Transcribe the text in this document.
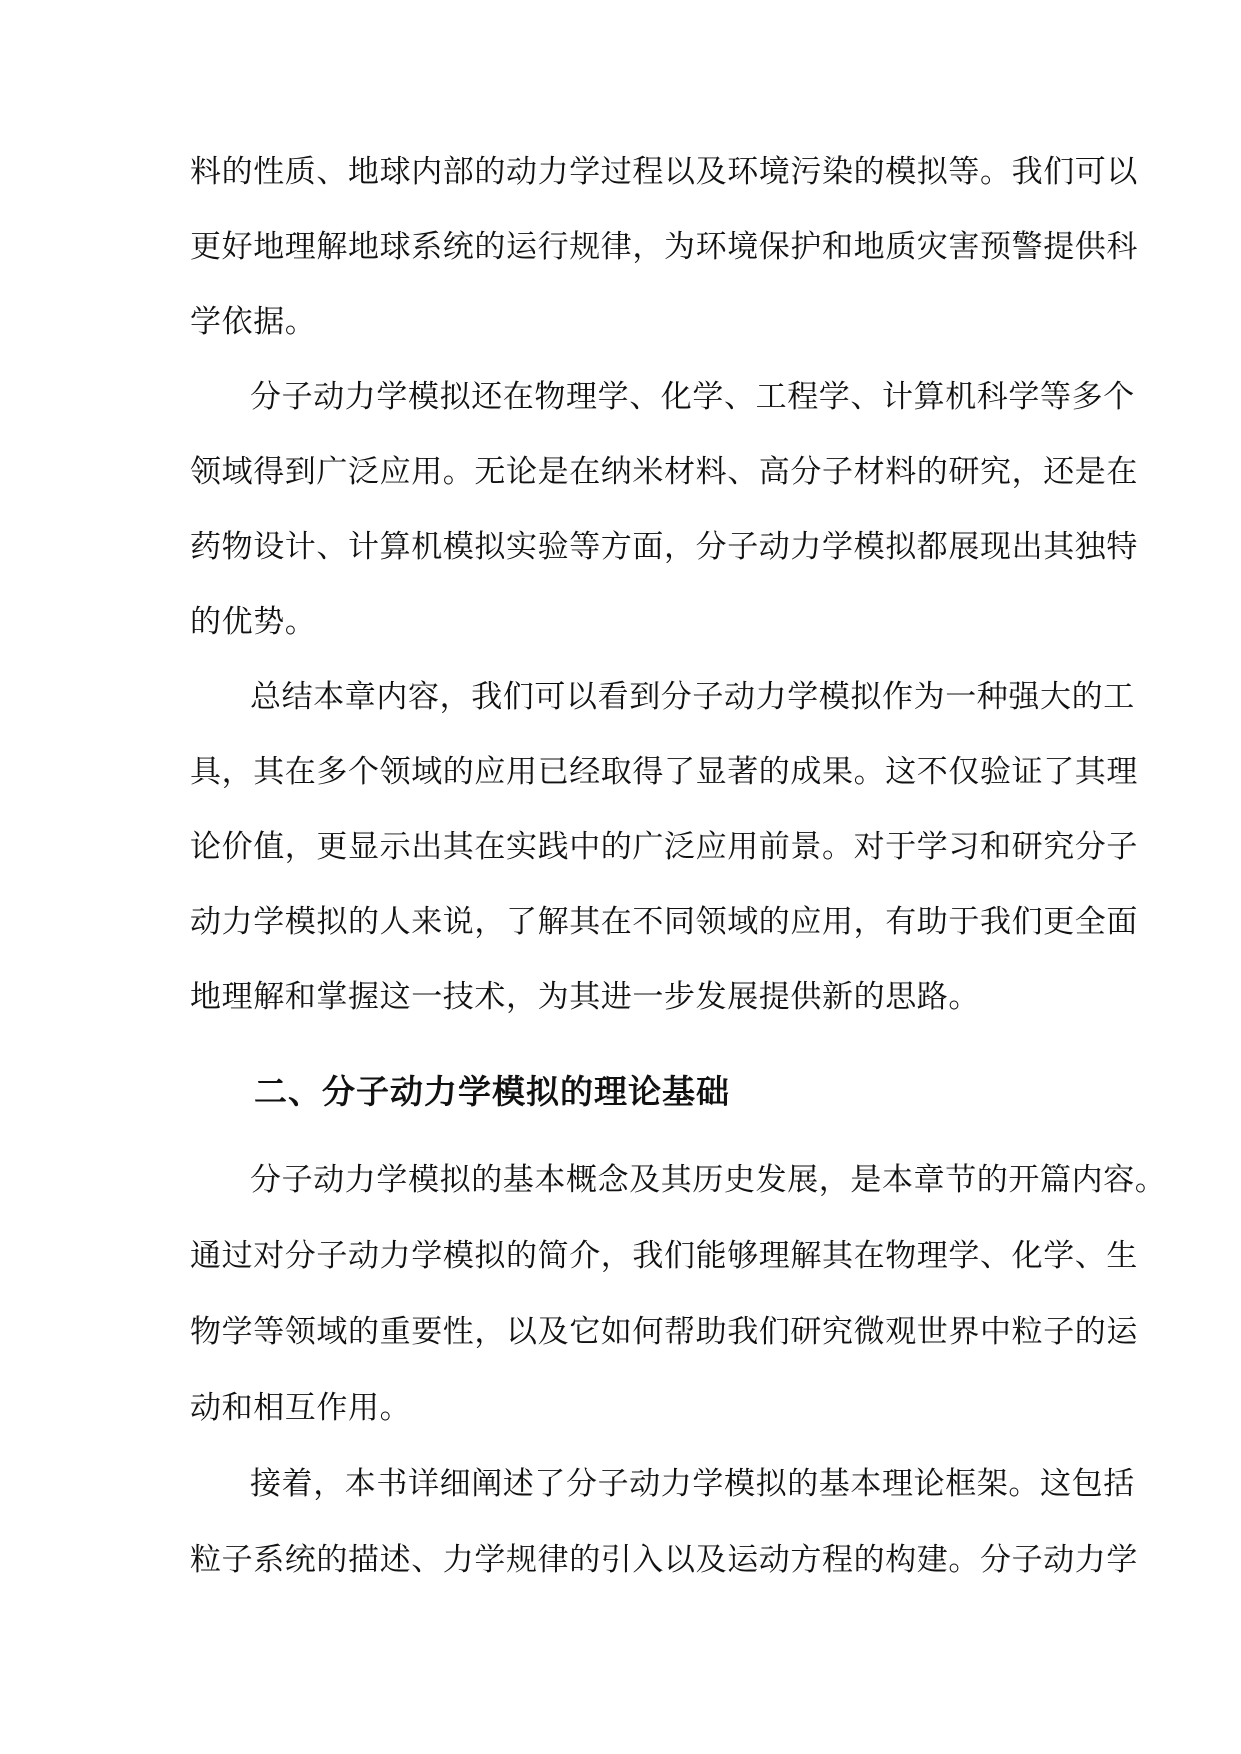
料的性质、地球内部的动力学过程以及环境污染的模拟等。我们可以
更好地理解地球系统的运行规律，为环境保护和地质灾害预警提供科
学依据。
分子动力学模拟还在物理学、化学、工程学、计算机科学等多个
领域得到广泛应用。无论是在纳米材料、高分子材料的研究，还是在
药物设计、计算机模拟实验等方面，分子动力学模拟都展现出其独特
的优势。
总结本章内容，我们可以看到分子动力学模拟作为一种强大的工
具，其在多个领域的应用已经取得了显著的成果。这不仅验证了其理
论价值，更显示出其在实践中的广泛应用前景。对于学习和研究分子
动力学模拟的人来说，了解其在不同领域的应用，有助于我们更全面
地理解和掌握这一技术，为其进一步发展提供新的思路。
二、分子动力学模拟的理论基础
分子动力学模拟的基本概念及其历史发展，是本章节的开篇内容。
通过对分子动力学模拟的简介，我们能够理解其在物理学、化学、生
物学等领域的重要性，以及它如何帮助我们研究微观世界中粒子的运
动和相互作用。
接着，本书详细阐述了分子动力学模拟的基本理论框架。这包括
粒子系统的描述、力学规律的引入以及运动方程的构建。分子动力学
